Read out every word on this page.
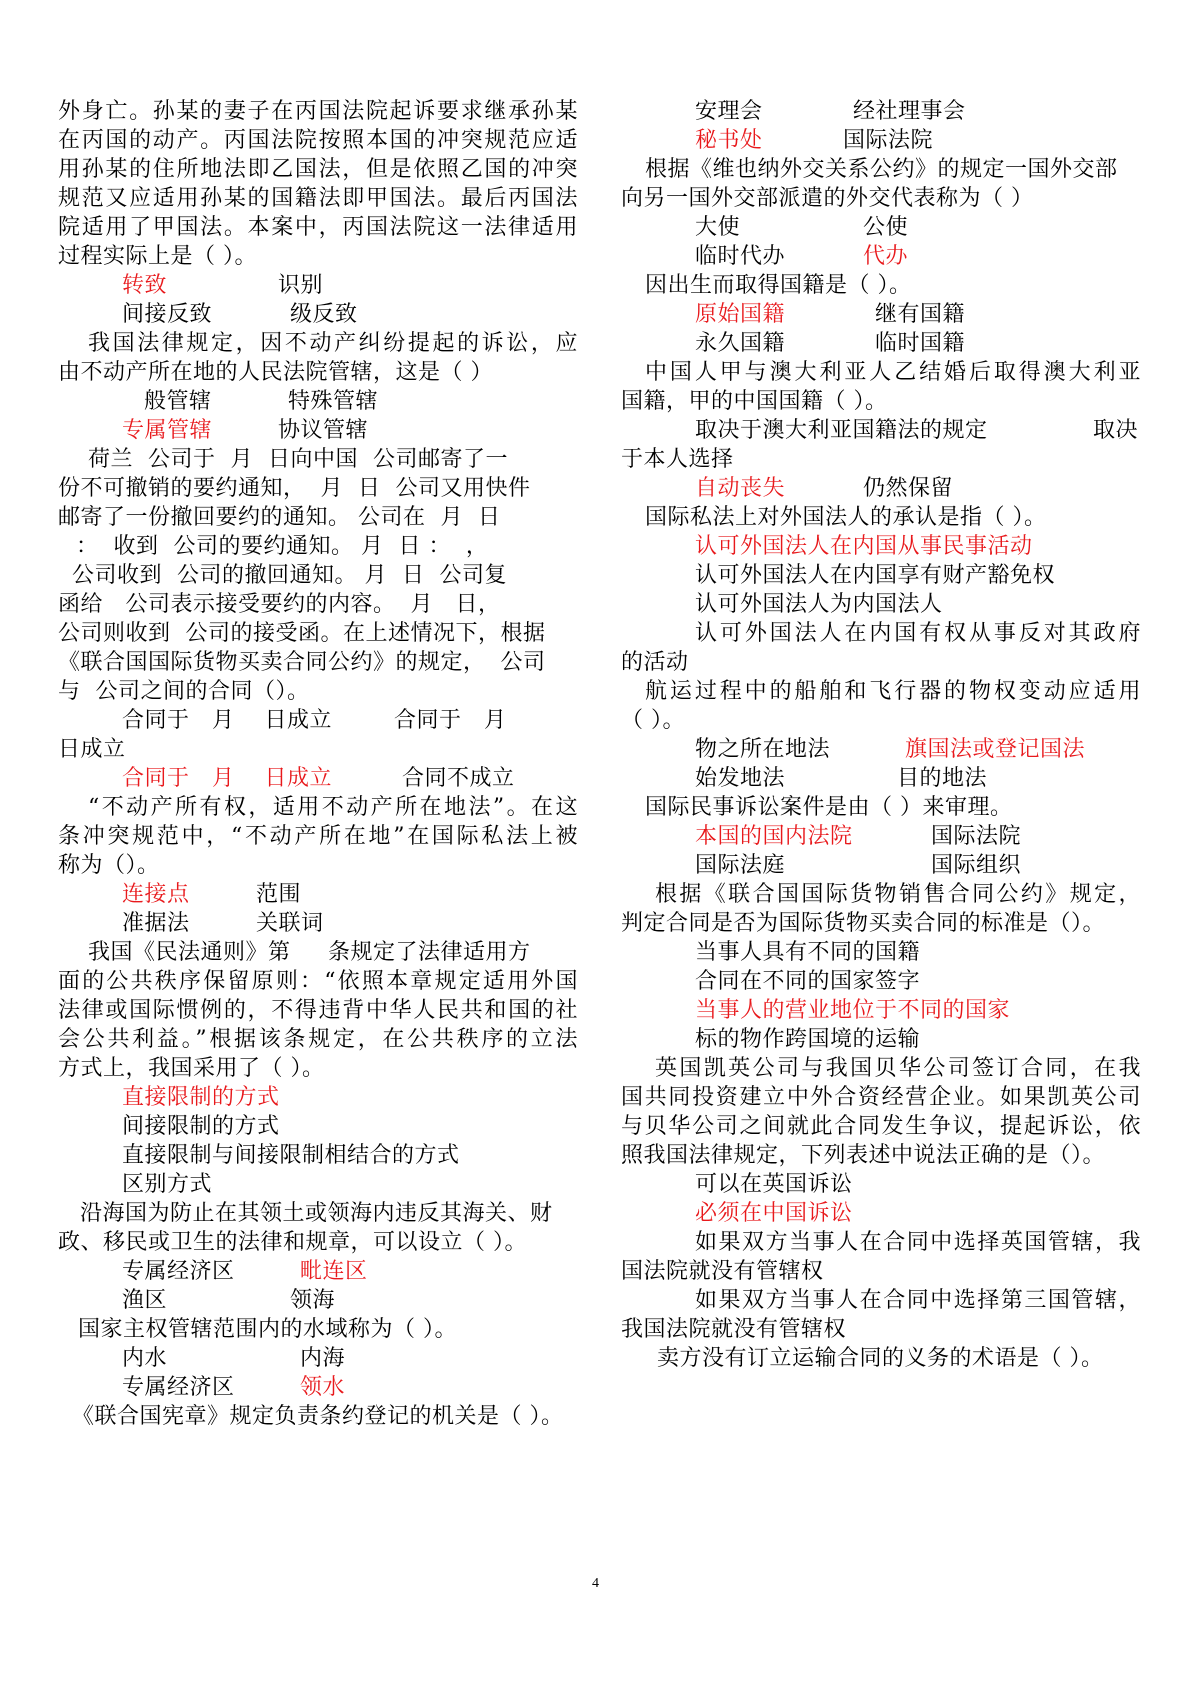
外身亡。孙某的妻子在丙国法院起诉要求继承孙某
在丙国的动产。丙国法院按照本国的冲突规范应适
用孙某的住所地法即乙国法，但是依照乙国的冲突
规范又应适用孙某的国籍法即甲国法。最后丙国法
院适用了甲国法。本案中，丙国法院这一法律适用
过程实际上是（ ）。

转致

	识别

间接反致

	级反致

我国法律规定，因不动产纠纷提起的诉讼，应
由不动产所在地的人民法院管辖，这是（ ）

般管辖

	特殊管辖

专属管辖

	协议管辖

荷兰  公司于  月  日向中国  公司邮寄了一
份不可撤销的要约通知，  月  日  公司又用快件
邮寄了一份撤回要约的通知。 公司在  月  日
：  收到  公司的要约通知。 月  日 ：  ，
公司收到  公司的撤回通知。 月  日  公司复
函给   公司表示接受要约的内容。  月   日，
公司则收到  公司的接受函。在上述情况下，根据
《联合国国际货物买卖合同公约》的规定，  公司
与  公司之间的合同（）。

合同于   月    日成立

	合同于   月

日成立

合同于   月    日成立

	合同不成立

“不动产所有权，适用不动产所在地法”。在这
条冲突规范中，“不动产所在地”在国际私法上被
称为（）。

连接点

	范围

准据法

	关联词

我国《民法通则》第     条规定了法律适用方
面的公共秩序保留原则：“依照本章规定适用外国
法律或国际惯例的，不得违背中华人民共和国的社
会公共利益。”根据该条规定，在公共秩序的立法
方式上，我国采用了（ ）。
直接限制的方式
间接限制的方式
直接限制与间接限制相结合的方式
区别方式
沿海国为防止在其领土或领海内违反其海关、财
政、移民或卫生的法律和规章，可以设立（ ）。

专属经济区

	毗连区

渔区

	领海

国家主权管辖范围内的水域称为（ ）。

内水

	内海

专属经济区

	领水

《联合国宪章》规定负责条约登记的机关是（ ）。

安理会

	经社理事会

秘书处

	国际法院

根据《维也纳外交关系公约》的规定一国外交部
向另一国外交部派遣的外交代表称为（ ）

大使

	公使

临时代办

	代办

因出生而取得国籍是（ ）。

原始国籍

	继有国籍

永久国籍

	临时国籍

中国人甲与澳大利亚人乙结婚后取得澳大利亚
国籍，甲的中国国籍（ ）。

取决于澳大利亚国籍法的规定

	取决

于本人选择

自动丧失

	仍然保留

国际私法上对外国法人的承认是指（ ）。
认可外国法人在内国从事民事活动
认可外国法人在内国享有财产豁免权
认可外国法人为内国法人
认可外国法人在内国有权从事反对其政府
的活动
航运过程中的船舶和飞行器的物权变动应适用
（ ）。

物之所在地法

	旗国法或登记国法

始发地法

	目的地法

国际民事诉讼案件是由（ ）来审理。

本国的国内法院

	国际法院

国际法庭

	国际组织

根据《联合国国际货物销售合同公约》规定，
判定合同是否为国际货物买卖合同的标准是（）。
当事人具有不同的国籍
合同在不同的国家签字
当事人的营业地位于不同的国家
标的物作跨国境的运输
英国凯英公司与我国贝华公司签订合同，在我
国共同投资建立中外合资经营企业。如果凯英公司
与贝华公司之间就此合同发生争议，提起诉讼，依
照我国法律规定，下列表述中说法正确的是（）。
可以在英国诉讼
必须在中国诉讼
如果双方当事人在合同中选择英国管辖，我
国法院就没有管辖权
如果双方当事人在合同中选择第三国管辖，
我国法院就没有管辖权
卖方没有订立运输合同的义务的术语是（ ）。
4
